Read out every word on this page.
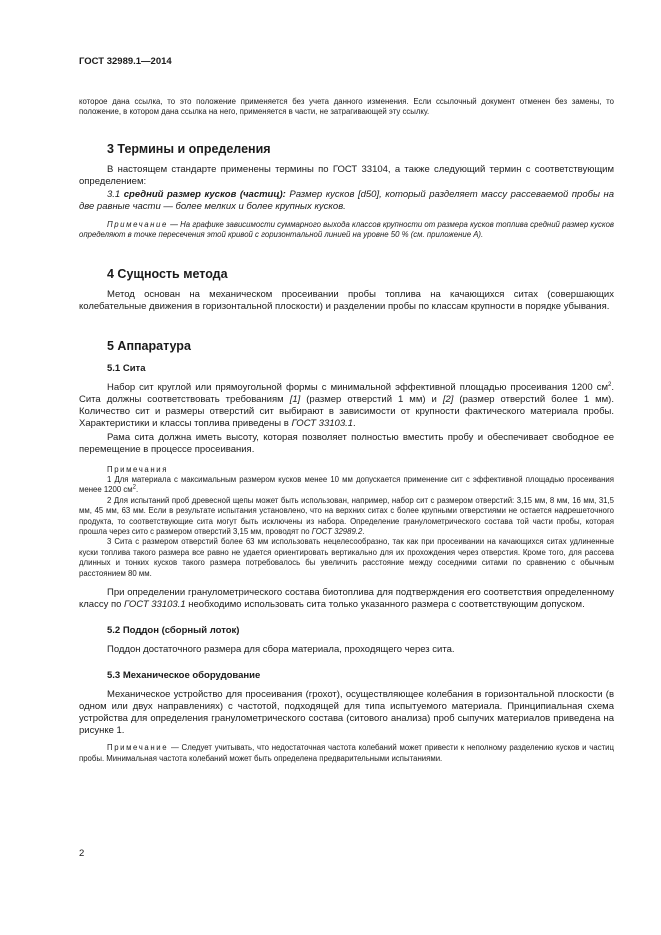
ГОСТ 32989.1—2014

которое дана ссылка, то это положение применяется без учета данного изменения. Если ссылочный документ отменен без замены, то положение, в котором дана ссылка на него, применяется в части, не затрагивающей эту ссылку.

3 Термины и определения

В настоящем стандарте применены термины по ГОСТ 33104, а также следующий термин с соответствующим определением:

3.1 средний размер кусков (частиц): Размер кусков [d50], который разделяет массу рассеваемой пробы на две равные части — более мелких и более крупных кусков.

Примечание — На графике зависимости суммарного выхода классов крупности от размера кусков топлива средний размер кусков определяют в точке пересечения этой кривой с горизонтальной линией на уровне 50 % (см. приложение А).

4 Сущность метода

Метод основан на механическом просеивании пробы топлива на качающихся ситах (совершающих колебательные движения в горизонтальной плоскости) и разделении пробы по классам крупности в порядке убывания.

5 Аппаратура
5.1 Сита

Набор сит круглой или прямоугольной формы с минимальной эффективной площадью просеивания 1200 $см^2$. Сита должны соответствовать требованиям [1] (размер отверстий 1 мм) и [2] (размер отверстий более 1 мм). Количество сит и размеры отверстий сит выбирают в зависимости от крупности фактического материала пробы. Характеристики и классы топлива приведены в ГОСТ 33103.1.

Рама сита должна иметь высоту, которая позволяет полностью вместить пробу и обеспечивает свободное ее перемещение в процессе просеивания.

Примечания

1 Для материала с максимальным размером кусков менее 10 мм допускается применение сит с эффективной площадью просеивания менее 1200 $см^2$.

2 Для испытаний проб древесной щепы может быть использован, например, набор сит с размером отверстий: 3,15 мм, 8 мм, 16 мм, 31,5 мм, 45 мм, 63 мм. Если в результате испытания установлено, что на верхних ситах с более крупными отверстиями не остается надрешеточного продукта, то соответствующие сита могут быть исключены из набора. Определение гранулометрического состава той части пробы, которая прошла через сито с размером отверстий 3,15 мм, проводят по ГОСТ 32989.2.

3 Сита с размером отверстий более 63 мм использовать нецелесообразно, так как при просеивании на качающихся ситах удлиненные куски топлива такого размера все равно не удается ориентировать вертикально для их прохождения через отверстия. Кроме того, для рассева длинных и тонких кусков такого размера потребовалось бы увеличить расстояние между соседними ситами по сравнению с обычным расстоянием 80 мм.

При определении гранулометрического состава биотоплива для подтверждения его соответствия определенному классу по ГОСТ 33103.1 необходимо использовать сита только указанного размера с соответствующим допуском.

5.2 Поддон (сборный лоток)

Поддон достаточного размера для сбора материала, проходящего через сита.

5.3 Механическое оборудование

Механическое устройство для просеивания (грохот), осуществляющее колебания в горизонтальной плоскости (в одном или двух направлениях) с частотой, подходящей для типа испытуемого материала. Принципиальная схема устройства для определения гранулометрического состава (ситового анализа) проб сыпучих материалов приведена на рисунке 1.

Примечание — Следует учитывать, что недостаточная частота колебаний может привести к неполному разделению кусков и частиц пробы. Минимальная частота колебаний может быть определена предварительными испытаниями.

2
